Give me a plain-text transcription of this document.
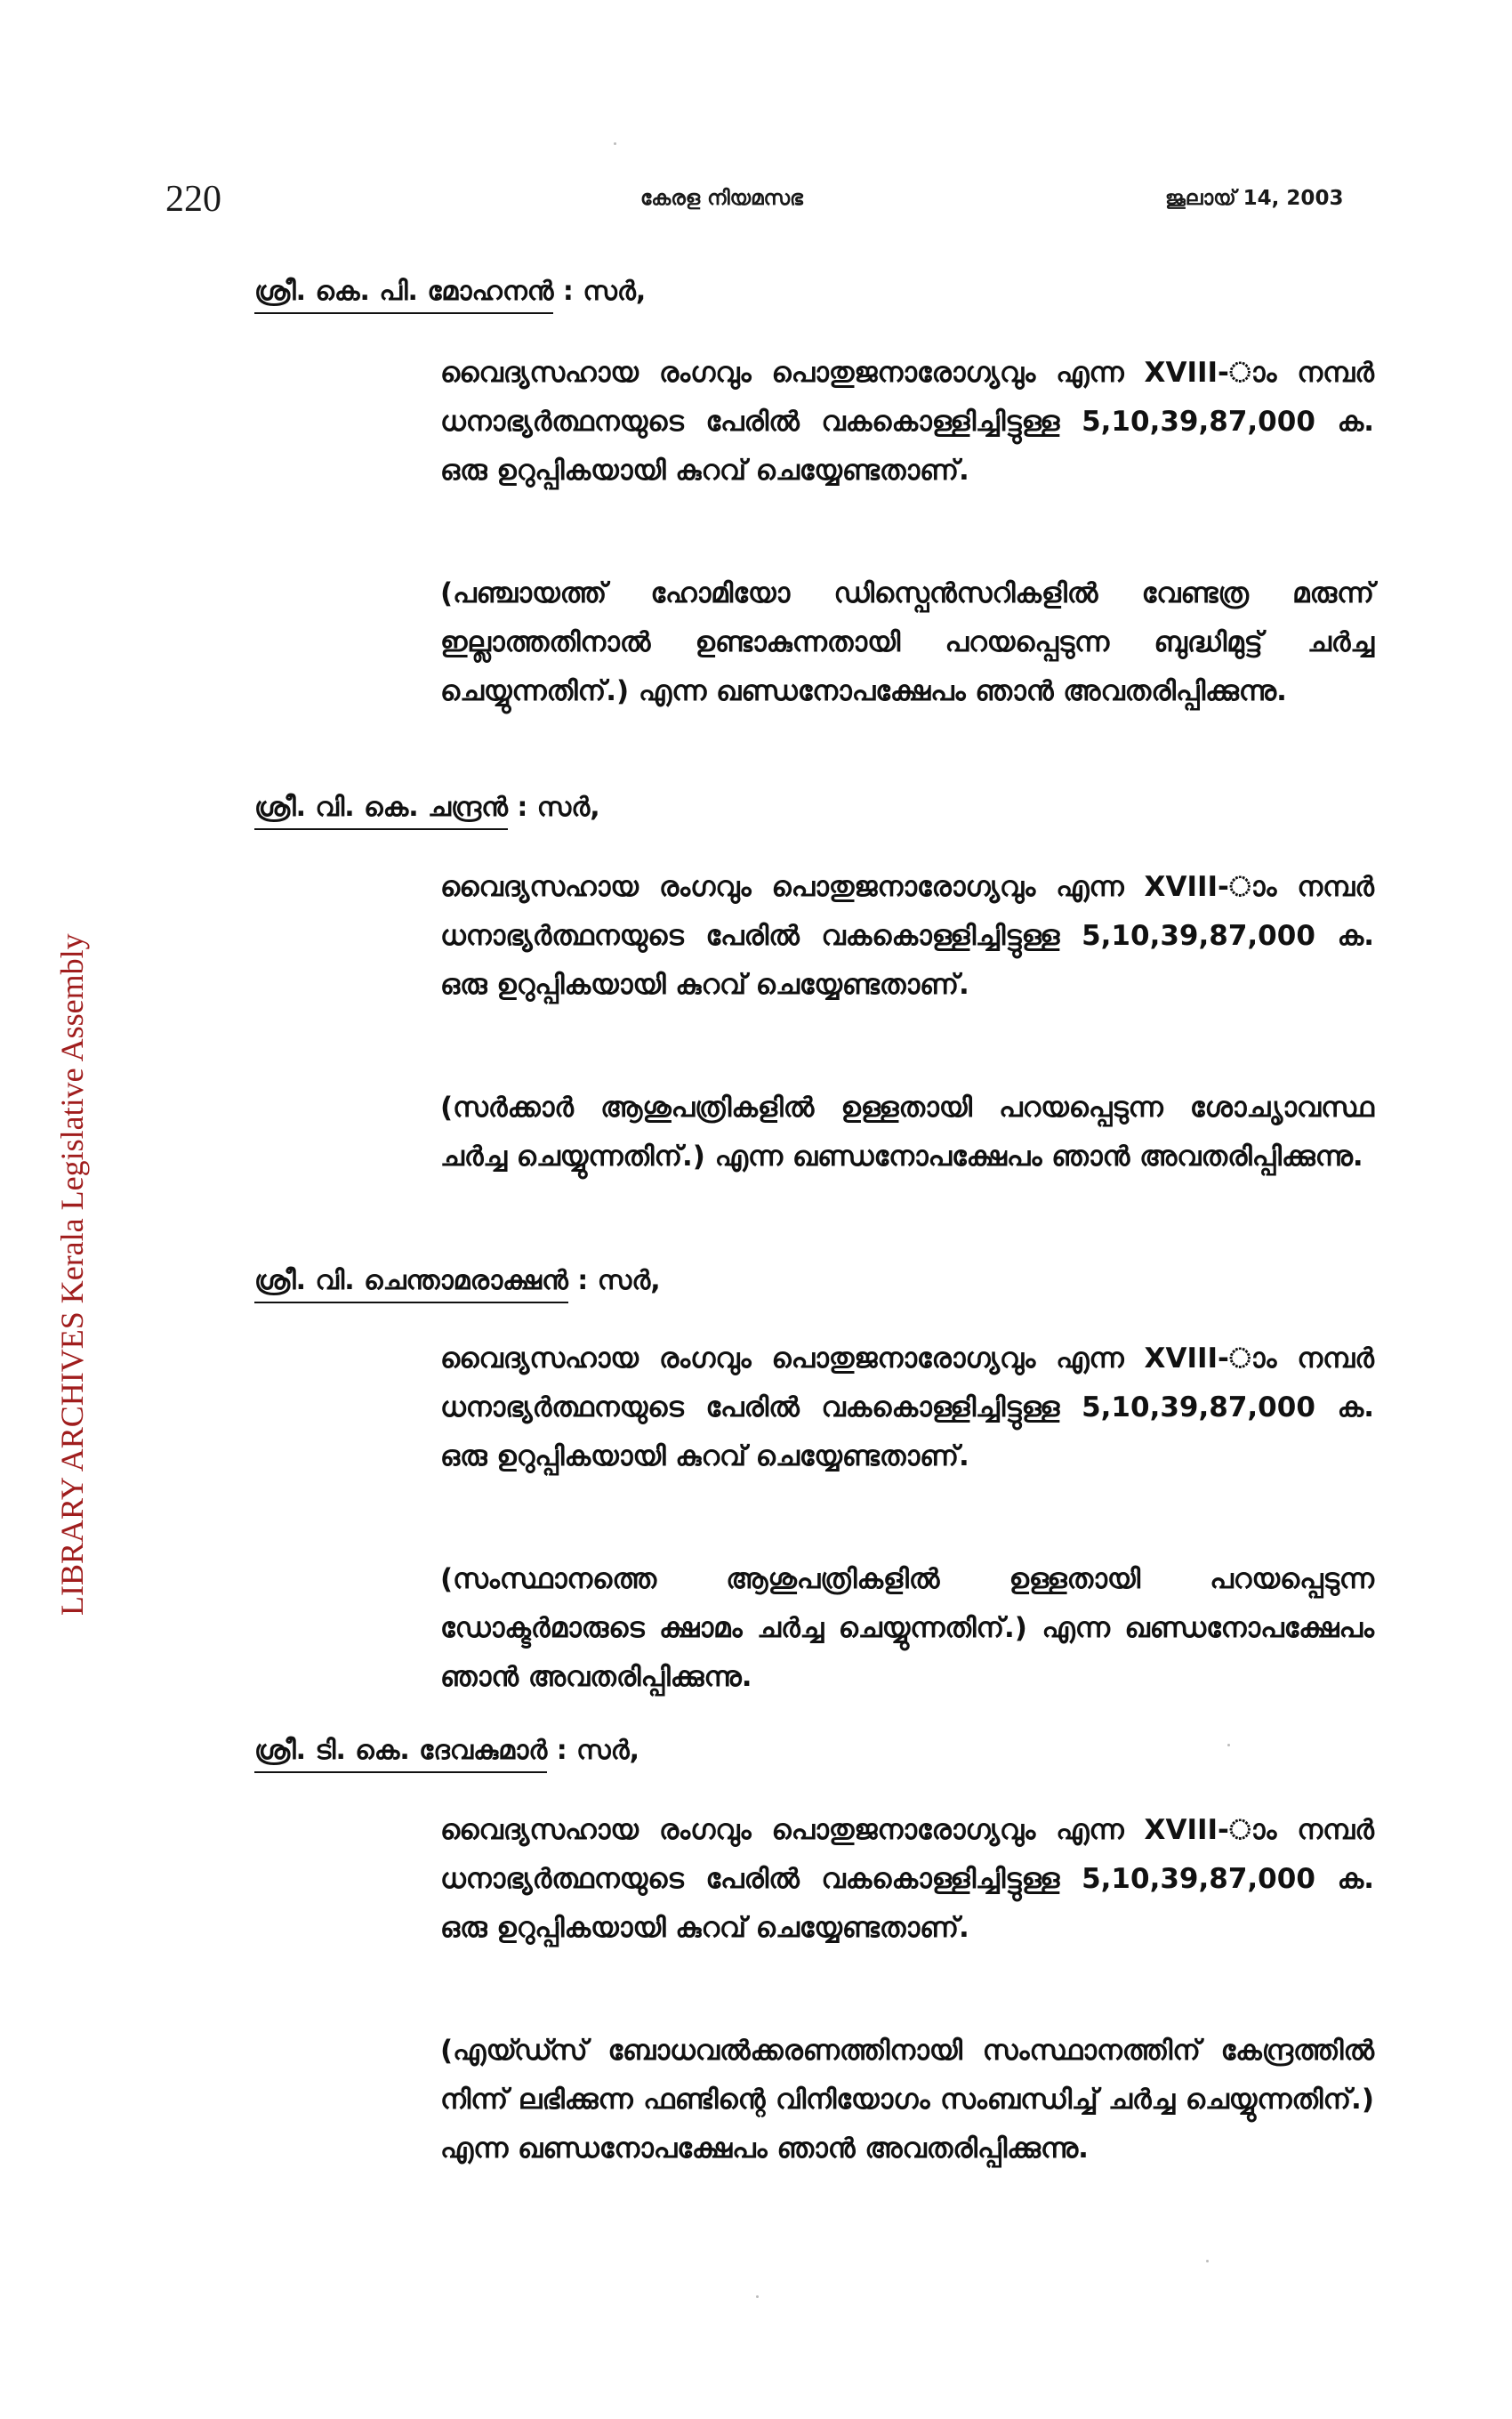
220	കേരള നിയമസഭ	ജൂലായ് 14, 2003
LIBRARY ARCHIVES Kerala Legislative Assembly
ശ്രീ. കെ. പി. മോഹനൻ : സർ,
വൈദ്യസഹായ രംഗവും പൊതുജനാരോഗ്യവും എന്ന XVIII-ാം നമ്പർ ധനാഭ്യർത്ഥനയുടെ പേരിൽ വകകൊള്ളിച്ചിട്ടുള്ള 5,10,39,87,000 ക. ഒരു ഉറുപ്പികയായി കുറവ് ചെയ്യേണ്ടതാണ്.
(പഞ്ചായത്ത് ഹോമിയോ ഡിസ്പെൻസറികളിൽ വേണ്ടത്ര മരുന്ന് ഇല്ലാത്തതിനാൽ ഉണ്ടാകുന്നതായി പറയപ്പെടുന്ന ബുദ്ധിമുട്ട് ചർച്ച ചെയ്യുന്നതിന്.) എന്ന ഖണ്ഡനോപക്ഷേപം ഞാൻ അവതരിപ്പിക്കുന്നു.
ശ്രീ. വി. കെ. ചന്ദ്രൻ : സർ,
വൈദ്യസഹായ രംഗവും പൊതുജനാരോഗ്യവും എന്ന XVIII-ാം നമ്പർ ധനാഭ്യർത്ഥനയുടെ പേരിൽ വകകൊള്ളിച്ചിട്ടുള്ള 5,10,39,87,000 ക. ഒരു ഉറുപ്പികയായി കുറവ് ചെയ്യേണ്ടതാണ്.
(സർക്കാർ ആശുപത്രികളിൽ ഉള്ളതായി പറയപ്പെടുന്ന ശോചൃാവസ്ഥ ചർച്ച ചെയ്യുന്നതിന്.) എന്ന ഖണ്ഡനോപക്ഷേപം ഞാൻ അവതരിപ്പിക്കുന്നു.
ശ്രീ. വി. ചെന്താമരാക്ഷൻ : സർ,
വൈദ്യസഹായ രംഗവും പൊതുജനാരോഗ്യവും എന്ന XVIII-ാം നമ്പർ ധനാഭ്യർത്ഥനയുടെ പേരിൽ വകകൊള്ളിച്ചിട്ടുള്ള 5,10,39,87,000 ക. ഒരു ഉറുപ്പികയായി കുറവ് ചെയ്യേണ്ടതാണ്.
(സംസ്ഥാനത്തെ ആശുപത്രികളിൽ ഉള്ളതായി പറയപ്പെടുന്ന ഡോക്ടർമാരുടെ ക്ഷാമം ചർച്ച ചെയ്യുന്നതിന്.) എന്ന ഖണ്ഡനോപക്ഷേപം ഞാൻ അവതരിപ്പിക്കുന്നു.
ശ്രീ. ടി. കെ. ദേവകുമാർ : സർ,
വൈദ്യസഹായ രംഗവും പൊതുജനാരോഗ്യവും എന്ന XVIII-ാം നമ്പർ ധനാഭ്യർത്ഥനയുടെ പേരിൽ വകകൊള്ളിച്ചിട്ടുള്ള 5,10,39,87,000 ക. ഒരു ഉറുപ്പികയായി കുറവ് ചെയ്യേണ്ടതാണ്.
(എയ്ഡ്സ് ബോധവൽക്കരണത്തിനായി സംസ്ഥാനത്തിന് കേന്ദ്രത്തിൽ നിന്ന് ലഭിക്കുന്ന ഫണ്ടിന്റെ വിനിയോഗം സംബന്ധിച്ച് ചർച്ച ചെയ്യുന്നതിന്.) എന്ന ഖണ്ഡനോപക്ഷേപം ഞാൻ അവതരിപ്പിക്കുന്നു.
